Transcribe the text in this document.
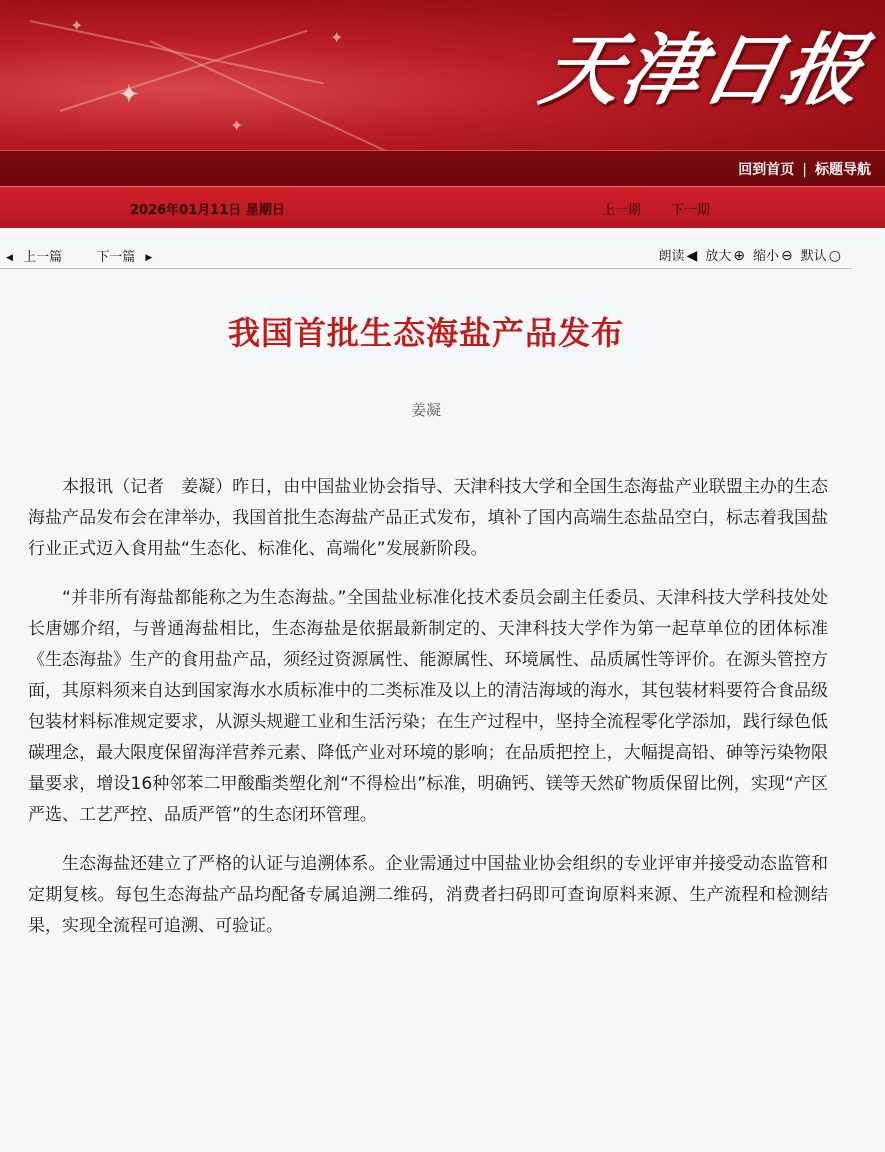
✦
✦
✦
✦ 天津日报
回到首页 | 标题导航
2026年01月11日 星期日	上一期 下一期
◀ 上一篇	下一篇 ▶	朗读 ◀ 放大 ⊕ 缩小 ⊖ 默认 ○
我国首批生态海盐产品发布
姜凝

本报讯（记者　姜凝）昨日，由中国盐业协会指导、天津科技大学和全国生态海盐产业联盟主办的生态海盐产品发布会在津举办，我国首批生态海盐产品正式发布，填补了国内高端生态盐品空白，标志着我国盐行业正式迈入食用盐“生态化、标准化、高端化”发展新阶段。

“并非所有海盐都能称之为生态海盐。”全国盐业标准化技术委员会副主任委员、天津科技大学科技处处长唐娜介绍，与普通海盐相比，生态海盐是依据最新制定的、天津科技大学作为第一起草单位的团体标准《生态海盐》生产的食用盐产品，须经过资源属性、能源属性、环境属性、品质属性等评价。在源头管控方面，其原料须来自达到国家海水水质标准中的二类标准及以上的清洁海域的海水，其包装材料要符合食品级包装材料标准规定要求，从源头规避工业和生活污染；在生产过程中，坚持全流程零化学添加，践行绿色低碳理念，最大限度保留海洋营养元素、降低产业对环境的影响；在品质把控上，大幅提高铅、砷等污染物限量要求，增设16种邻苯二甲酸酯类塑化剂“不得检出”标准，明确钙、镁等天然矿物质保留比例，实现“产区严选、工艺严控、品质严管”的生态闭环管理。

生态海盐还建立了严格的认证与追溯体系。企业需通过中国盐业协会组织的专业评审并接受动态监管和定期复核。每包生态海盐产品均配备专属追溯二维码，消费者扫码即可查询原料来源、生产流程和检测结果，实现全流程可追溯、可验证。
